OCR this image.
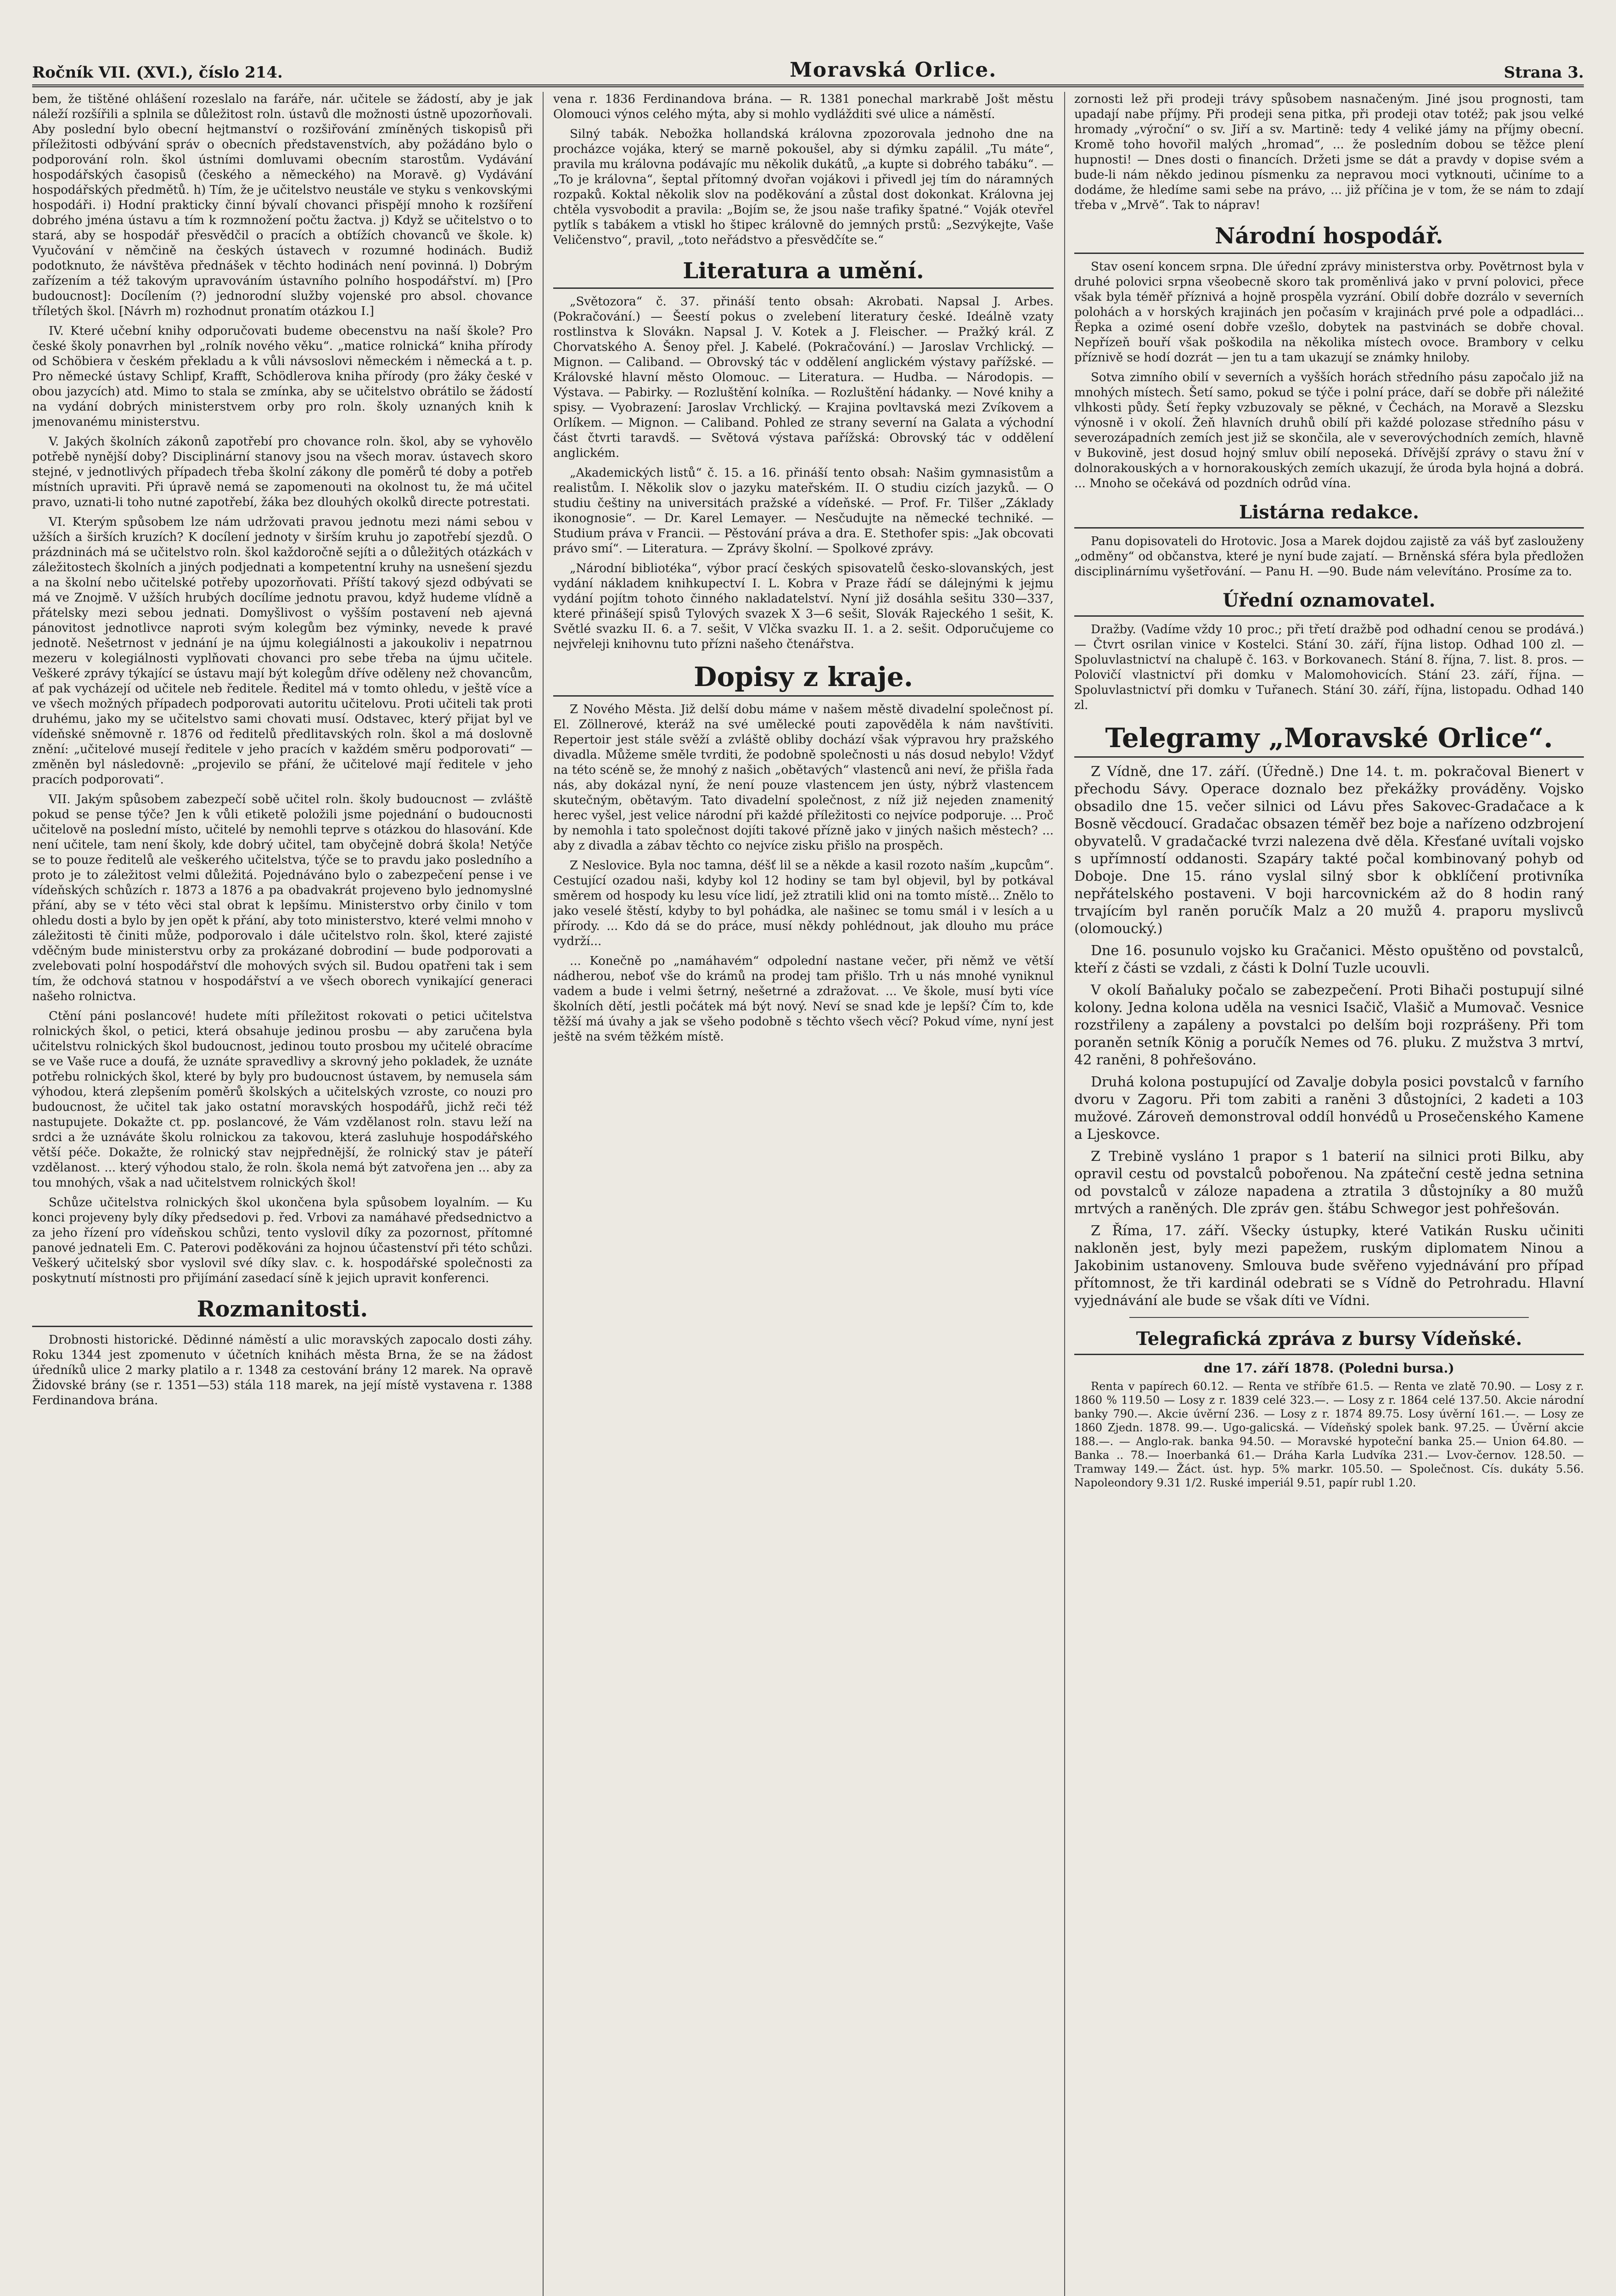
Ročník VII. (XVI.), číslo 214.	Moravská Orlice.	Strana 3.

bem, že tištěné ohlášení rozeslalo na faráře, nár. učitele se žádostí, aby je jak náleží rozšířili a splnila se důležitost roln. ústavů dle možnosti ústně upozorňovali. Aby poslední bylo obecní hejtmanství o rozšiřování zmíněných tiskopisů při příležitosti odbývání správ o obecních představenstvích, aby požádáno bylo o podporování roln. škol ústními domluvami obecním starostům. Vydávání hospodářských časopisů (českého a německého) na Moravě. g) Vydávání hospodářských předmětů. h) Tím, že je učitelstvo neustále ve styku s venkovskými hospodáři. i) Hodní prakticky činní bývalí chovanci přispějí mnoho k rozšíření dobrého jména ústavu a tím k rozmnožení počtu žactva. j) Když se učitelstvo o to stará, aby se hospodář přesvědčil o pracích a obtížích chovanců ve škole. k) Vyučování v němčině na českých ústavech v rozumné hodinách. Budiž podotknuto, že návštěva přednášek v těchto hodinách není povinná. l) Dobrým zařízením a též takovým upravováním ústavního polního hospodářství. m) [Pro budoucnost]: Docílením (?) jednorodní služby vojenské pro absol. chovance tříletých škol. [Návrh m) rozhodnut pronatím otázkou I.]

IV. Které učební knihy odporučovati budeme obecenstvu na naší škole? Pro české školy ponavrhen byl „rolník nového věku“. „matice rolnická“ kniha přírody od Schöbiera v českém překladu a k vůli návsoslovi německém i německá a t. p. Pro německé ústavy Schlipf, Krafft, Schödlerova kniha přírody (pro žáky české v obou jazycích) atd. Mimo to stala se zmínka, aby se učitelstvo obrátilo se žádostí na vydání dobrých ministerstvem orby pro roln. školy uznaných knih k jmenovanému ministerstvu.

V. Jakých školních zákonů zapotřebí pro chovance roln. škol, aby se vyhovělo potřebě nynější doby? Disciplinární stanovy jsou na všech morav. ústavech skoro stejné, v jednotlivých případech třeba školní zákony dle poměrů té doby a potřeb místních upraviti. Při úpravě nemá se zapomenouti na okolnost tu, že má učitel pravo, uznati-li toho nutné zapotřebí, žáka bez dlouhých okolků directe potrestati.

VI. Kterým spůsobem lze nám udržovati pravou jednotu mezi námi sebou v užších a širších kruzích? K docílení jednoty v širším kruhu jo zapotřebí sjezdů. O prázdninách má se učitelstvo roln. škol každoročně sejíti a o důležitých otázkách v záležitostech školních a jiných podjednati a kompetentní kruhy na usnešení sjezdu a na školní nebo učitelské potřeby upozorňovati. Příští takový sjezd odbývati se má ve Znojmě. V užších hrubých docílíme jednotu pravou, když hudeme vlídně a přátelsky mezi sebou jednati. Domyšlivost o vyšším postavení neb ajevná pánovitost jednotlivce naproti svým kolegům bez výminky, nevede k pravé jednotě. Nešetrnost v jednání je na újmu kolegiálnosti a jakoukoliv i nepatrnou mezeru v kolegiálnosti vyplňovati chovanci pro sebe třeba na újmu učitele. Veškeré zprávy týkající se ústavu mají být kolegům dříve oděleny než chovancům, ať pak vycházejí od učitele neb ředitele. Ředitel má v tomto ohledu, v ještě více a ve všech možných případech podporovati autoritu učitelovu. Proti učiteli tak proti druhému, jako my se učitelstvo sami chovati musí. Odstavec, který přijat byl ve vídeňské sněmovně r. 1876 od ředitelů předlitavských roln. škol a má doslovně znění: „učitelové musejí ředitele v jeho pracích v každém směru podporovati“ — změněn byl následovně: „projevilo se přání, že učitelové mají ředitele v jeho pracích podporovati“.

VII. Jakým spůsobem zabezpečí sobě učitel roln. školy budoucnost — zvláště pokud se pense týče? Jen k vůli etiketě položili jsme pojednání o budoucnosti učitelově na poslední místo, učitelé by nemohli teprve s otázkou do hlasování. Kde není učitele, tam není školy, kde dobrý učitel, tam obyčejně dobrá škola! Netýče se to pouze ředitelů ale veškerého učitelstva, týče se to pravdu jako posledního a proto je to záležitost velmi důležitá. Pojednáváno bylo o zabezpečení pense i ve vídeňských schůzích r. 1873 a 1876 a pa obadvakrát projeveno bylo jednomyslné přání, aby se v této věci stal obrat k lepšímu. Ministerstvo orby činilo v tom ohledu dosti a bylo by jen opět k přání, aby toto ministerstvo, které velmi mnoho v záležitosti tě činiti může, podporovalo i dále učitelstvo roln. škol, které zajisté vděčným bude ministerstvu orby za prokázané dobrodiní — bude podporovati a zvelebovati polní hospodářství dle mohových svých sil. Budou opatřeni tak i sem tím, že odchová statnou v hospodářství a ve všech oborech vynikající generaci našeho rolnictva.

Ctění páni poslancové! hudete míti příležitost rokovati o petici učitelstva rolnických škol, o petici, která obsahuje jedinou prosbu — aby zaručena byla učitelstvu rolnických škol budoucnost, jedinou touto prosbou my učitelé obracíme se ve Vaše ruce a doufá, že uznáte spravedlivy a skrovný jeho pokladek, že uznáte potřebu rolnických škol, které by byly pro budoucnost ústavem, by nemusela sám výhodou, která zlepšením poměrů školských a učitelských vzroste, co nouzi pro budoucnost, že učitel tak jako ostatní moravských hospodářů, jichž reči též nastupujete. Dokažte ct. pp. poslancové, že Vám vzdělanost roln. stavu leží na srdci a že uznáváte školu rolnickou za takovou, která zasluhuje hospodářského větší péče. Dokažte, že rolnický stav nejpřednější, že rolnický stav je páteří vzdělanost. ... který výhodou stalo, že roln. škola nemá být zatvořena jen ... aby za tou mnohých, však a nad učitelstvem rolnických škol!

Schůze učitelstva rolnických škol ukončena byla spůsobem loyalním. — Ku konci projeveny byly díky předsedovi p. řed. Vrbovi za namáhavé předsednictvo a za jeho řízení pro vídeňskou schůzi, tento vyslovil díky za pozornost, přítomné panové jednateli Em. C. Paterovi poděkováni za hojnou účastenství při této schůzi. Veškerý učitelský sbor vyslovil své díky slav. c. k. hospodářské společnosti za poskytnutí místnosti pro přijímání zasedací síně k jejich upravit konferenci.

Rozmanitosti.

Drobnosti historické. Dědinné náměstí a ulic moravských zapocalo dosti záhy. Roku 1344 jest zpomenuto v účetních knihách města Brna, že se na žádost úředníků ulice 2 marky platilo a r. 1348 za cestování brány 12 marek. Na opravě Židovské brány (se r. 1351—53) stála 118 marek, na její místě vystavena r. 1388 Ferdinandova brána.

vena r. 1836 Ferdinandova brána. — R. 1381 ponechal markrabě Jošt městu Olomouci výnos celého mýta, aby si mohlo vydlážditi své ulice a náměstí.

Silný tabák. Nebožka hollandská královna zpozorovala jednoho dne na procházce vojáka, který se marně pokoušel, aby si dýmku zapálil. „Tu máte“, pravila mu královna podávajíc mu několik dukátů, „a kupte si dobrého tabáku“. — „To je královna“, šeptal přítomný dvořan vojákovi i přivedl jej tím do náramných rozpaků. Koktal několik slov na poděkování a zůstal dost dokonkat. Královna jej chtěla vysvobodit a pravila: „Bojím se, že jsou naše trafiky špatné.“ Voják otevřel pytlík s tabákem a vtiskl ho štipec královně do jemných prstů: „Sezvýkejte, Vaše Veličenstvo“, pravil, „toto neřádstvo a přesvědčíte se.“

Literatura a umění.

„Světozora“ č. 37. přináší tento obsah: Akrobati. Napsal J. Arbes. (Pokračování.) — Šeestí pokus o zvelebení literatury české. Ideálně vzaty rostlinstva k Slovákn. Napsal J. V. Kotek a J. Fleischer. — Pražký král. Z Chorvatského A. Šenoy přel. J. Kabelé. (Pokračování.) — Jaroslav Vrchlický. — Mignon. — Caliband. — Obrovský tác v oddělení anglickém výstavy pařížské. — Královské hlavní město Olomouc. — Literatura. — Hudba. — Národopis. — Výstava. — Pabirky. — Rozluštění kolníka. — Rozluštění hádanky. — Nové knihy a spisy. — Vyobrazení: Jaroslav Vrchlický. — Krajina povltavská mezi Zvíkovem a Orlíkem. — Mignon. — Caliband. Pohled ze strany severní na Galata a východní část čtvrti taravdš. — Světová výstava pařížská: Obrovský tác v oddělení anglickém.

„Akademických listů“ č. 15. a 16. přináší tento obsah: Našim gymnasistům a realistům. I. Několik slov o jazyku mateřském. II. O studiu cizích jazyků. — O studiu češtiny na universitách pražské a vídeňské. — Prof. Fr. Tilšer „Základy ikonognosie“. — Dr. Karel Lemayer. — Nesčudujte na německé techniké. — Studium práva v Francii. — Pěstování práva a dra. E. Stethofer spis: „Jak obcovati právo smí“. — Literatura. — Zprávy školní. — Spolkové zprávy.

„Národní bibliotéka“, výbor prací českých spisovatelů česko-slovanských, jest vydání nákladem knihkupectví I. L. Kobra v Praze řádí se dálejnými k jejmu vydání pojítm tohoto činného nakladatelství. Nyní již dosáhla sešitu 330—337, které přinášejí spisů Tylových svazek X 3—6 sešit, Slovák Rajeckého 1 sešit, K. Světlé svazku II. 6. a 7. sešit, V Vlčka svazku II. 1. a 2. sešit. Odporučujeme co nejvřeleji knihovnu tuto přízni našeho čtenářstva.

Dopisy z kraje.

Z Nového Města. Již delší dobu máme v našem městě divadelní společnost pí. El. Zöllnerové, kteráž na své umělecké pouti zapověděla k nám navštíviti. Repertoir jest stále svěží a zvláště obliby dochází však výpravou hry pražského divadla. Můžeme směle tvrditi, že podobně společnosti u nás dosud nebylo! Vždyť na této scéně se, že mnohý z našich „obětavých“ vlastenců ani neví, že přišla řada nás, aby dokázal nyní, že není pouze vlastencem jen ústy, nýbrž vlastencem skutečným, obětavým. Tato divadelní společnost, z níž již nejeden znamenitý herec vyšel, jest velice národní při každé příležitosti co nejvíce podporuje. ... Proč by nemohla i tato společnost dojíti takové přízně jako v jiných našich městech? ... aby z divadla a zábav těchto co nejvíce zisku přišlo na prospěch.

Z Neslovice. Byla noc tamna, déšť lil se a někde a kasil rozoto naším „kupcům“. Cestující ozadou naši, kdyby kol 12 hodiny se tam byl objevil, byl by potkával směrem od hospody ku lesu více lidí, jež ztratili klid oni na tomto místě... Znělo to jako veselé štěstí, kdyby to byl pohádka, ale našinec se tomu smál i v lesích a u přírody. ... Kdo dá se do práce, musí někdy pohlédnout, jak dlouho mu práce vydrží...

... Konečně po „namáhavém“ odpolední nastane večer, při němž ve větší nádherou, neboť vše do krámů na prodej tam přišlo. Trh u nás mnohé vyniknul vadem a bude i velmi šetrný, nešetrné a zdražovat. ... Ve škole, musí byti více školních dětí, jestli počátek má být nový. Neví se snad kde je lepší? Čím to, kde těžší má úvahy a jak se všeho podobně s těchto všech věcí? Pokud víme, nyní jest ještě na svém těžkém místě.

zornosti lež při prodeji trávy spůsobem nasnačeným. Jiné jsou prognosti, tam upadají nabe příjmy. Při prodeji sena pitka, při prodeji otav totéž; pak jsou velké hromady „výroční“ o sv. Jiří a sv. Martině: tedy 4 veliké jámy na příjmy obecní. Kromě toho hovořil malých „hromad“, ... že posledním dobou se těžce plení hupnosti! — Dnes dosti o financích. Držeti jsme se dát a pravdy v dopise svém a bude-li nám někdo jedinou písmenku za nepravou moci vytknouti, učiníme to a dodáme, že hledíme sami sebe na právo, ... již příčina je v tom, že se nám to zdají třeba v „Mrvě“. Tak to náprav!

Národní hospodář.

Stav osení koncem srpna. Dle úřední zprávy ministerstva orby. Povětrnost byla v druhé polovici srpna všeobecně skoro tak proměnlivá jako v první polovici, přece však byla téměř příznivá a hojně prospěla vyzrání. Obilí dobře dozrálo v severních polohách a v horských krajinách jen počasím v krajinách prvé pole a odpadláci... Řepka a ozimé osení dobře vzešlo, dobytek na pastvinách se dobře choval. Nepřízeň bouří však poškodila na několika místech ovoce. Brambory v celku příznivě se hodí dozrát — jen tu a tam ukazují se známky hniloby.

Sotva zimního obilí v severních a vyšších horách středního pásu započalo již na mnohých místech. Šetí samo, pokud se týče i polní práce, daří se dobře při náležité vlhkosti půdy. Šetí řepky vzbuzovaly se pěkné, v Čechách, na Moravě a Slezsku výnosně i v okolí. Žeň hlavních druhů obilí při každé polozase středního pásu v severozápadních zemích jest již se skončila, ale v severovýchodních zemích, hlavně v Bukovině, jest dosud hojný smluv obilí neposeká. Dřívější zprávy o stavu žní v dolnorakouských a v hornorakouských zemích ukazují, že úroda byla hojná a dobrá. ... Mnoho se očekává od pozdních odrůd vína.

Listárna redakce.

Panu dopisovateli do Hrotovic. Josa a Marek dojdou zajistě za váš byť zaslouženy „odměny“ od občanstva, které je nyní bude zajatí. — Brněnská sféra byla předložen disciplinárnímu vyšetřování. — Panu H. —90. Bude nám velevítáno. Prosíme za to.

Úřední oznamovatel.

Dražby. (Vadíme vždy 10 proc.; při třetí dražbě pod odhadní cenou se prodává.) — Čtvrt osrilan vinice v Kostelci. Stání 30. září, října listop. Odhad 100 zl. — Spoluvlastnictví na chalupě č. 163. v Borkovanech. Stání 8. října, 7. list. 8. pros. — Polovičí vlastnictví při domku v Malomohovicích. Stání 23. září, října. — Spoluvlastnictví při domku v Tuřanech. Stání 30. září, října, listopadu. Odhad 140 zl.

Telegramy „Moravské Orlice“.

Z Vídně, dne 17. září. (Úředně.) Dne 14. t. m. pokračoval Bienert v přechodu Sávy. Operace doznalo bez překážky prováděny. Vojsko obsadilo dne 15. večer silnici od Lávu přes Sakovec-Gradačace a k Bosně věcdoucí. Gradačac obsazen téměř bez boje a nařízeno odzbrojení obyvatelů. V gradačacké tvrzi nalezena dvě děla. Křesťané uvítali vojsko s upřímností oddanosti. Szapáry takté počal kombinovaný pohyb od Doboje. Dne 15. ráno vyslal silný sbor k obklíčení protivníka nepřátelského postaveni. V boji harcovnickém až do 8 hodin raný trvajícím byl raněn poručík Malz a 20 mužů 4. praporu myslivců (olomoucký.)

Dne 16. posunulo vojsko ku Gračanici. Město opuštěno od povstalců, kteří z části se vzdali, z části k Dolní Tuzle ucouvli.

V okolí Baňaluky počalo se zabezpečení. Proti Bihači postupují silné kolony. Jedna kolona uděla na vesnici Isačič, Vlašič a Mumovač. Vesnice rozstřileny a zapáleny a povstalci po delším boji rozprášeny. Při tom poraněn setník König a poručík Nemes od 76. pluku. Z mužstva 3 mrtví, 42 raněni, 8 pohřešováno.

Druhá kolona postupující od Zavalje dobyla posici povstalců v farního dvoru v Zagoru. Při tom zabiti a raněni 3 důstojníci, 2 kadeti a 103 mužové. Zároveň demonstroval oddíl honvédů u Prosečenského Kamene a Ljeskovce.

Z Trebině vysláno 1 prapor s 1 baterií na silnici proti Bilku, aby opravil cestu od povstalců pobořenou. Na zpáteční cestě jedna setnina od povstalců v záloze napadena a ztratila 3 důstojníky a 80 mužů mrtvých a raněných. Dle zpráv gen. štábu Schwegor jest pohřešován.

Z Říma, 17. září. Všecky ústupky, které Vatikán Rusku učiniti nakloněn jest, byly mezi papežem, ruským diplomatem Ninou a Jakobinim ustanoveny. Smlouva bude svěřeno vyjednávání pro případ přítomnost, že tři kardinál odebrati se s Vídně do Petrohradu. Hlavní vyjednávání ale bude se však díti ve Vídni.

Telegrafická zpráva z bursy Vídeňské.

dne 17. září 1878. (Poledni bursa.)

Renta v papírech 60.12. — Renta ve stříbře 61.5. — Renta ve zlatě 70.90. — Losy z r. 1860 % 119.50 — Losy z r. 1839 celé 323.—. — Losy z r. 1864 celé 137.50. Akcie národní banky 790.—. Akcie úvěrní 236. — Losy z r. 1874 89.75. Losy úvěrní 161.—. — Losy ze 1860 Zjedn. 1878. 99.—. Ugo-galicská. — Vídeňský spolek bank. 97.25. — Úvěrní akcie 188.—. — Anglo-rak. banka 94.50. — Moravské hypoteční banka 25.— Union 64.80. — Banka .. 78.— Inoerbanká 61.— Dráha Karla Ludvíka 231.— Lvov-černov. 128.50. — Tramway 149.— Žáct. úst. hyp. 5% markr. 105.50. — Společnost. Cís. dukáty 5.56. Napoleondory 9.31 1/2. Ruské imperiál 9.51, papír rubl 1.20.
